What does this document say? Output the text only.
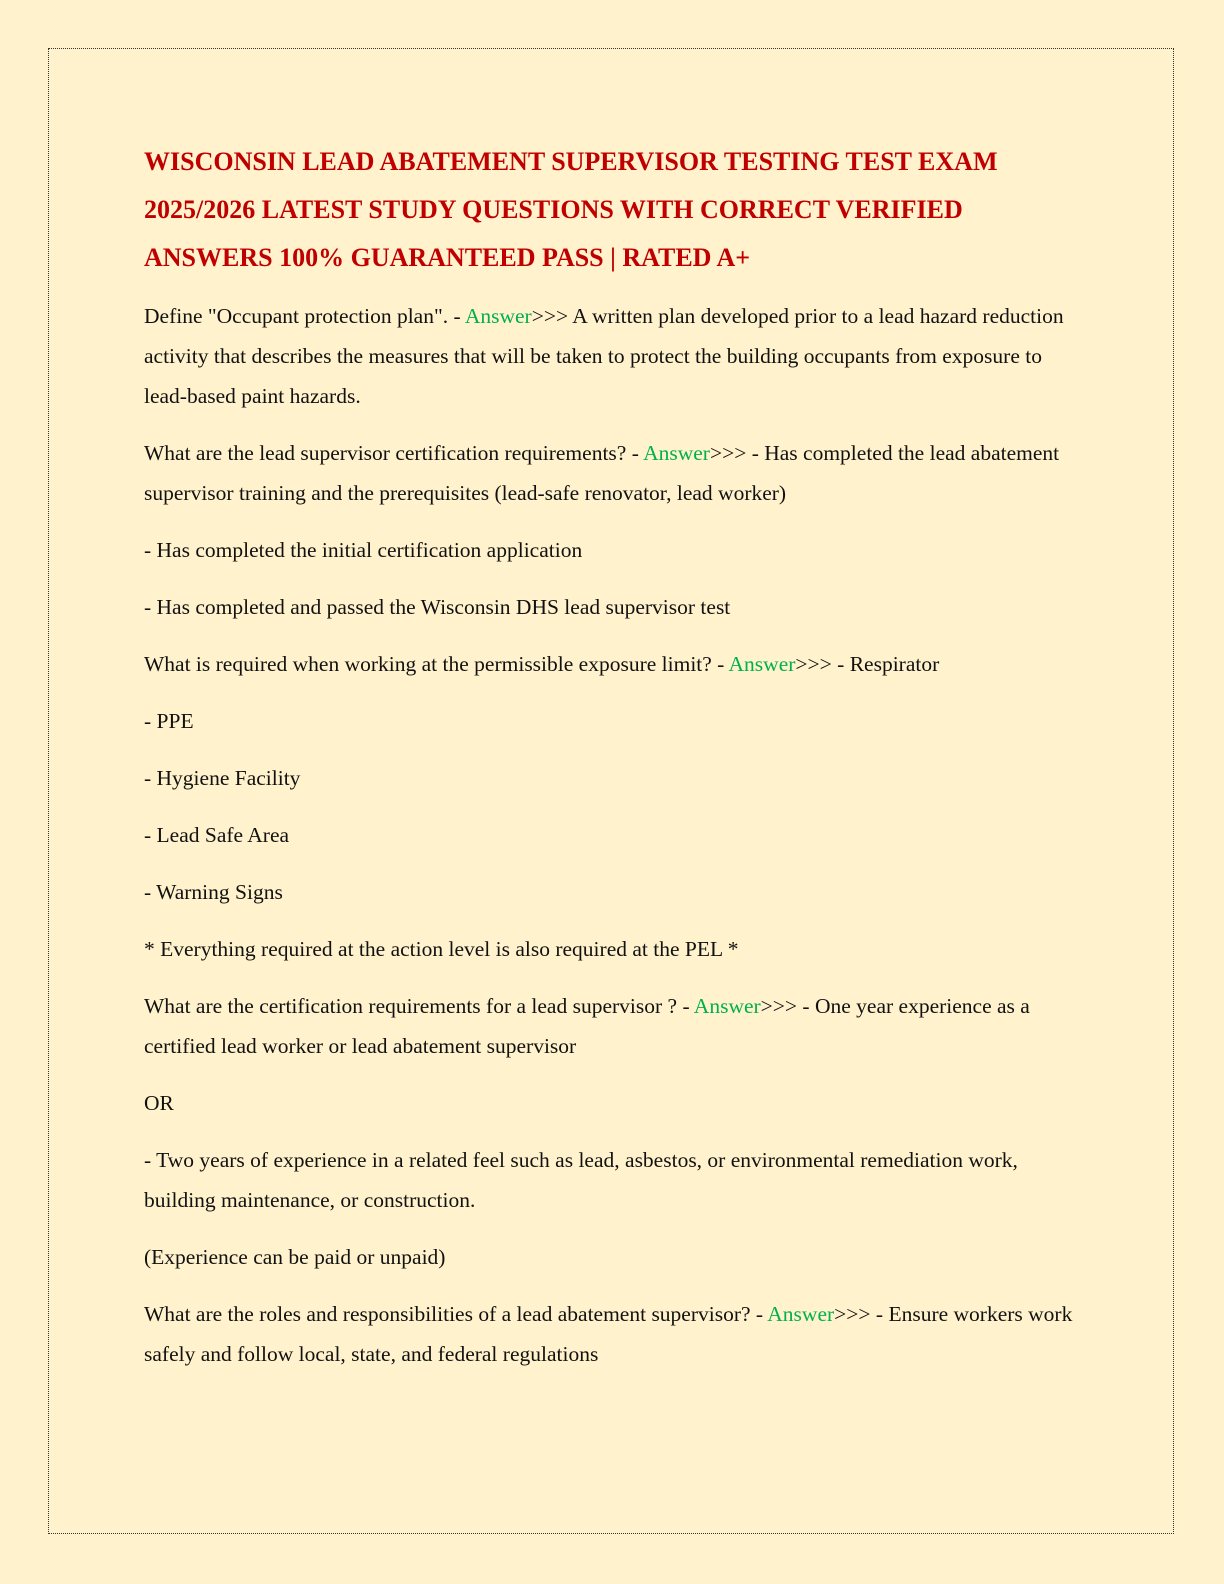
WISCONSIN LEAD ABATEMENT SUPERVISOR TESTING TEST EXAM 2025/2026 LATEST STUDY QUESTIONS WITH CORRECT VERIFIED ANSWERS 100% GUARANTEED PASS | RATED A+

Define "Occupant protection plan". - Answer>>> A written plan developed prior to a lead hazard reduction activity that describes the measures that will be taken to protect the building occupants from exposure to lead-based paint hazards.

What are the lead supervisor certification requirements? - Answer>>> - Has completed the lead abatement supervisor training and the prerequisites (lead-safe renovator, lead worker)

- Has completed the initial certification application

- Has completed and passed the Wisconsin DHS lead supervisor test

What is required when working at the permissible exposure limit? - Answer>>> - Respirator

- PPE

- Hygiene Facility

- Lead Safe Area

- Warning Signs

* Everything required at the action level is also required at the PEL *

What are the certification requirements for a lead supervisor ? - Answer>>> - One year experience as a certified lead worker or lead abatement supervisor

OR

- Two years of experience in a related feel such as lead, asbestos, or environmental remediation work, building maintenance, or construction.

(Experience can be paid or unpaid)

What are the roles and responsibilities of a lead abatement supervisor? - Answer>>> - Ensure workers work safely and follow local, state, and federal regulations
